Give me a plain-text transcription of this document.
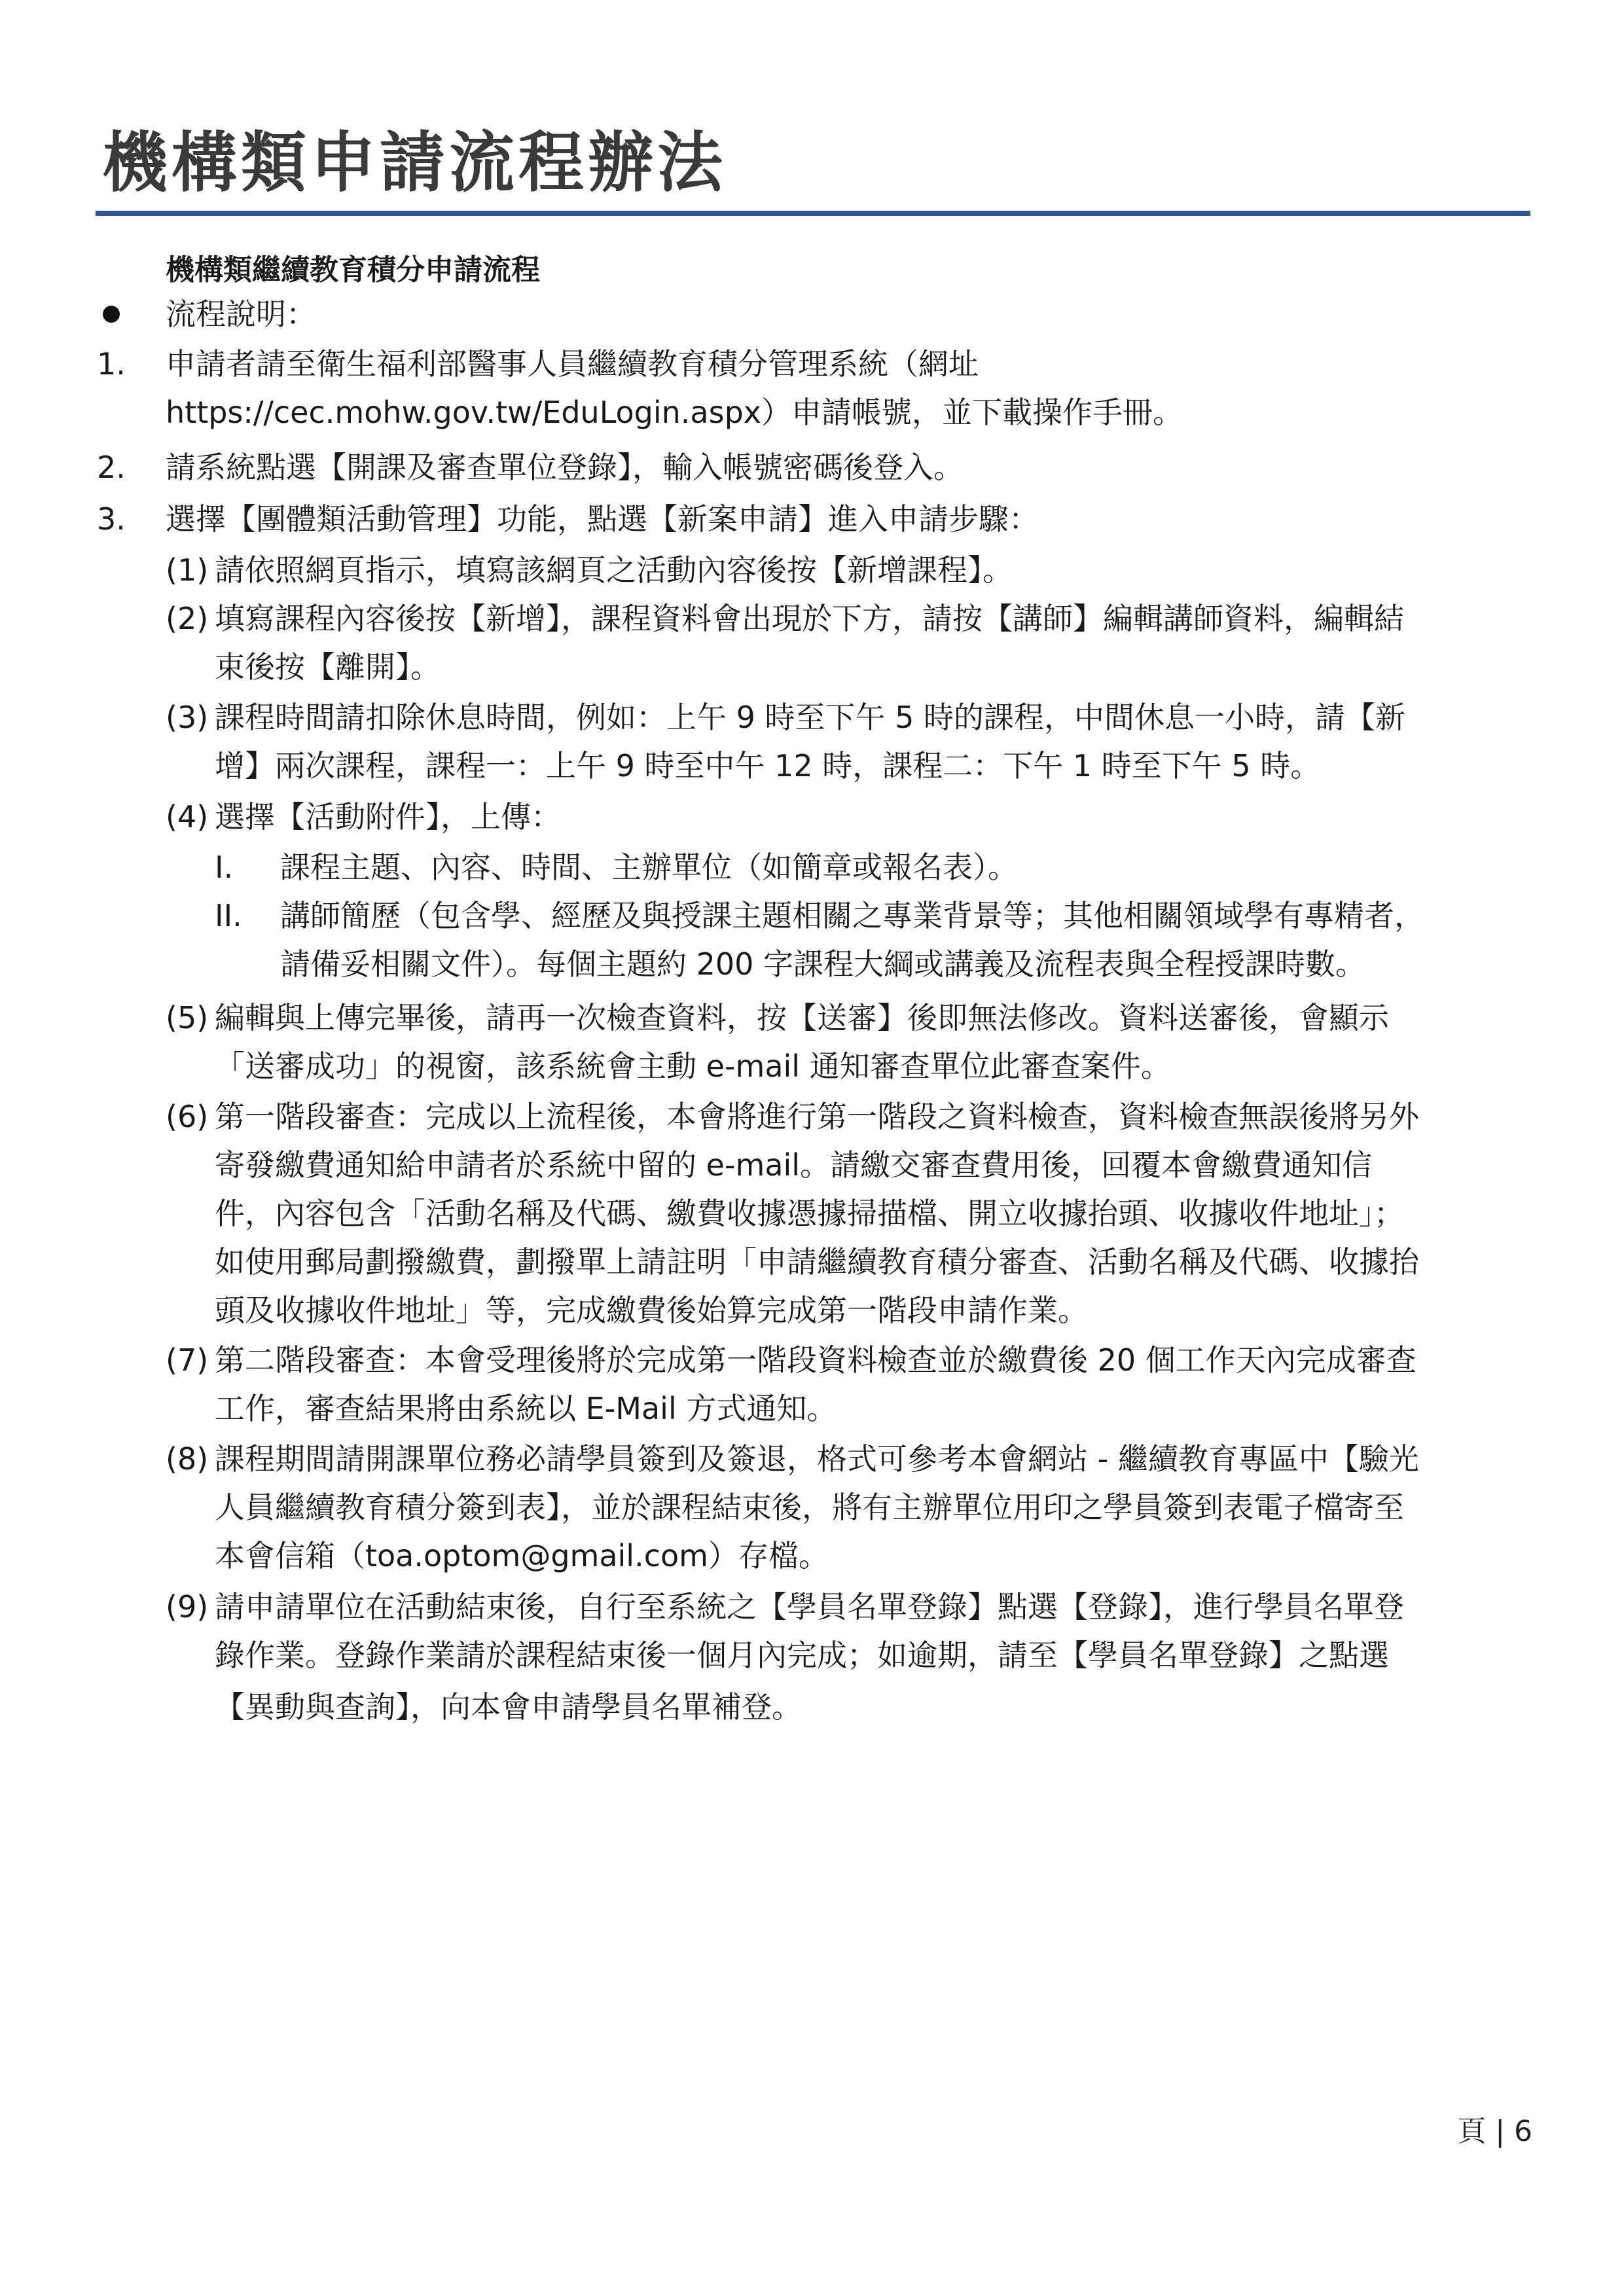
機構類申請流程辦法
機構類繼續教育積分申請流程
流程說明：
1. 申請者請至衛生福利部醫事人員繼續教育積分管理系統（網址
https://cec.mohw.gov.tw/EduLogin.aspx）申請帳號，並下載操作手冊。
2. 請系統點選【開課及審查單位登錄】，輸入帳號密碼後登入。
3. 選擇【團體類活動管理】功能，點選【新案申請】進入申請步驟：
(1) 請依照網頁指示，填寫該網頁之活動內容後按【新增課程】。
(2) 填寫課程內容後按【新增】，課程資料會出現於下方，請按【講師】編輯講師資料，編輯結
束後按【離開】。
(3) 課程時間請扣除休息時間，例如：上午 9 時至下午 5 時的課程，中間休息一小時，請【新
增】兩次課程，課程一：上午 9 時至中午 12 時，課程二：下午 1 時至下午 5 時。
(4) 選擇【活動附件】，上傳：
I. 課程主題、內容、時間、主辦單位（如簡章或報名表）。
II. 講師簡歷（包含學、經歷及與授課主題相關之專業背景等；其他相關領域學有專精者，
請備妥相關文件）。每個主題約 200 字課程大綱或講義及流程表與全程授課時數。
(5) 編輯與上傳完畢後，請再一次檢查資料，按【送審】後即無法修改。資料送審後，會顯示
「送審成功」的視窗，該系統會主動 e-mail 通知審查單位此審查案件。
(6) 第一階段審查：完成以上流程後，本會將進行第一階段之資料檢查，資料檢查無誤後將另外
寄發繳費通知給申請者於系統中留的 e-mail。請繳交審查費用後，回覆本會繳費通知信
件，內容包含「活動名稱及代碼、繳費收據憑據掃描檔、開立收據抬頭、收據收件地址」；
如使用郵局劃撥繳費，劃撥單上請註明「申請繼續教育積分審查、活動名稱及代碼、收據抬
頭及收據收件地址」等，完成繳費後始算完成第一階段申請作業。
(7) 第二階段審查：本會受理後將於完成第一階段資料檢查並於繳費後 20 個工作天內完成審查
工作，審查結果將由系統以 E-Mail 方式通知。
(8) 課程期間請開課單位務必請學員簽到及簽退，格式可參考本會網站 - 繼續教育專區中【驗光
人員繼續教育積分簽到表】，並於課程結束後，將有主辦單位用印之學員簽到表電子檔寄至
本會信箱（toa.optom@gmail.com）存檔。
(9) 請申請單位在活動結束後，自行至系統之【學員名單登錄】點選【登錄】，進行學員名單登
錄作業。登錄作業請於課程結束後一個月內完成；如逾期，請至【學員名單登錄】之點選
【異動與查詢】，向本會申請學員名單補登。
頁 | 6
